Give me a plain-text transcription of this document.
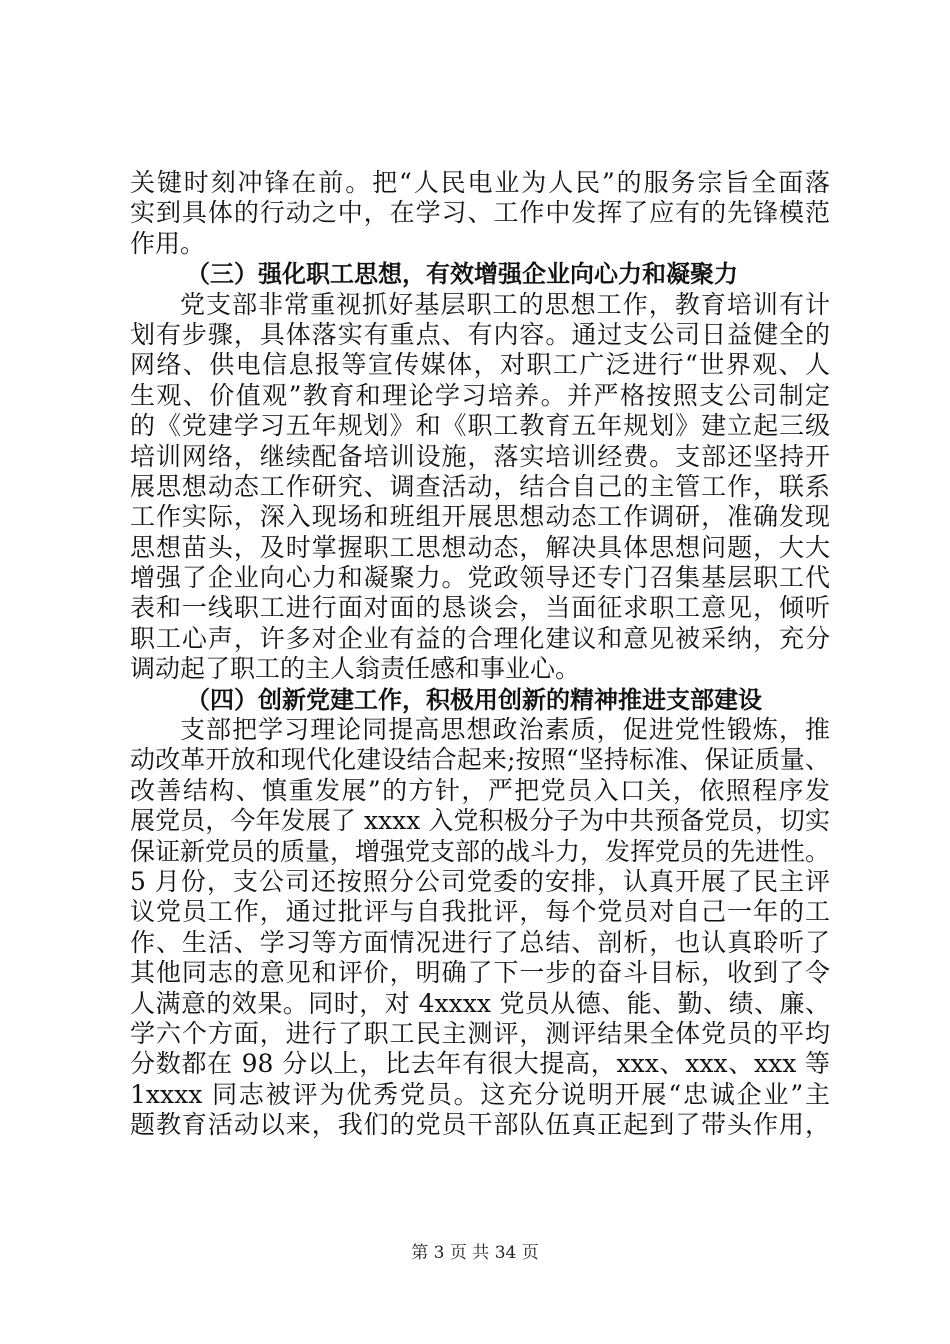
关键时刻冲锋在前。把“人民电业为人民”的服务宗旨全面落
实到具体的行动之中，在学习、工作中发挥了应有的先锋模范
作用。
（三）强化职工思想，有效增强企业向心力和凝聚力
党支部非常重视抓好基层职工的思想工作，教育培训有计
划有步骤，具体落实有重点、有内容。通过支公司日益健全的
网络、供电信息报等宣传媒体，对职工广泛进行“世界观、人
生观、价值观”教育和理论学习培养。并严格按照支公司制定
的《党建学习五年规划》和《职工教育五年规划》建立起三级
培训网络，继续配备培训设施，落实培训经费。支部还坚持开
展思想动态工作研究、调查活动，结合自己的主管工作，联系
工作实际，深入现场和班组开展思想动态工作调研，准确发现
思想苗头，及时掌握职工思想动态，解决具体思想问题，大大
增强了企业向心力和凝聚力。党政领导还专门召集基层职工代
表和一线职工进行面对面的恳谈会，当面征求职工意见，倾听
职工心声，许多对企业有益的合理化建议和意见被采纳，充分
调动起了职工的主人翁责任感和事业心。
（四）创新党建工作，积极用创新的精神推进支部建设
支部把学习理论同提高思想政治素质，促进党性锻炼，推
动改革开放和现代化建设结合起来;按照“坚持标准、保证质量、
改善结构、慎重发展”的方针，严把党员入口关，依照程序发
展党员，今年发展了 xxxx 入党积极分子为中共预备党员，切实
保证新党员的质量，增强党支部的战斗力，发挥党员的先进性。
5 月份，支公司还按照分公司党委的安排，认真开展了民主评
议党员工作，通过批评与自我批评，每个党员对自己一年的工
作、生活、学习等方面情况进行了总结、剖析，也认真聆听了
其他同志的意见和评价，明确了下一步的奋斗目标，收到了令
人满意的效果。同时，对 4xxxx 党员从德、能、勤、绩、廉、
学六个方面，进行了职工民主测评，测评结果全体党员的平均
分数都在 98 分以上，比去年有很大提高，xxx、xxx、xxx 等
1xxxx 同志被评为优秀党员。这充分说明开展“忠诚企业”主
题教育活动以来，我们的党员干部队伍真正起到了带头作用，
第 3 页 共 34 页
